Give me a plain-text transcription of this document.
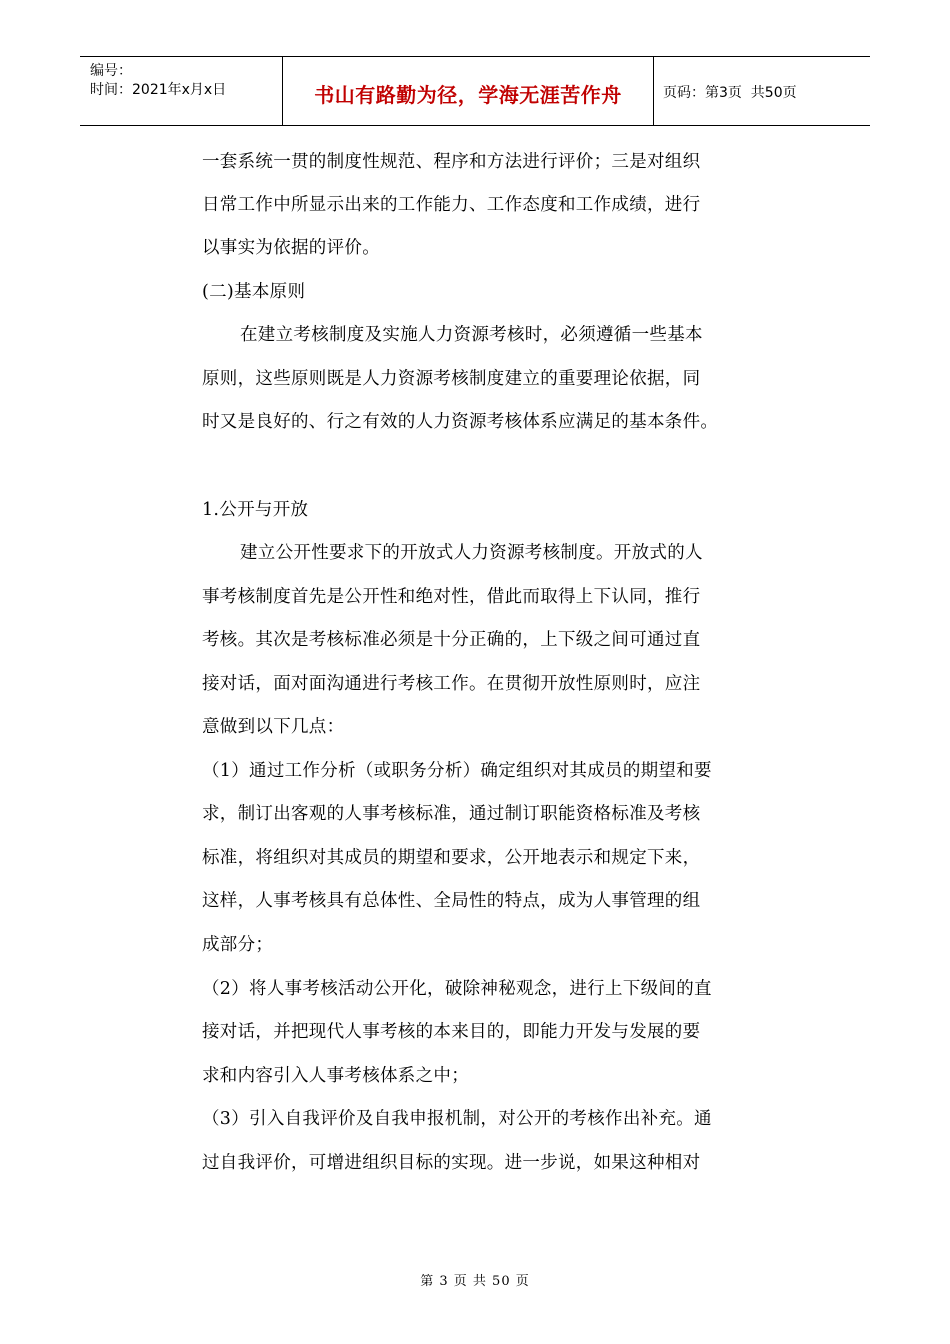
编号：
时间：2021年x月x日	书山有路勤为径，学海无涯苦作舟	页码：第3页  共50页
一套系统一贯的制度性规范、程序和方法进行评价；三是对组织
日常工作中所显示出来的工作能力、工作态度和工作成绩，进行
以事实为依据的评价。
(二)基本原则
在建立考核制度及实施人力资源考核时，必须遵循一些基本
原则，这些原则既是人力资源考核制度建立的重要理论依据，同
时又是良好的、行之有效的人力资源考核体系应满足的基本条件。
1.公开与开放
建立公开性要求下的开放式人力资源考核制度。开放式的人
事考核制度首先是公开性和绝对性，借此而取得上下认同，推行
考核。其次是考核标准必须是十分正确的，上下级之间可通过直
接对话，面对面沟通进行考核工作。在贯彻开放性原则时，应注
意做到以下几点：
（1）通过工作分析（或职务分析）确定组织对其成员的期望和要
求，制订出客观的人事考核标准，通过制订职能资格标准及考核
标准，将组织对其成员的期望和要求，公开地表示和规定下来，
这样，人事考核具有总体性、全局性的特点，成为人事管理的组
成部分；
（2）将人事考核活动公开化，破除神秘观念，进行上下级间的直
接对话，并把现代人事考核的本来目的，即能力开发与发展的要
求和内容引入人事考核体系之中；
（3）引入自我评价及自我申报机制，对公开的考核作出补充。通
过自我评价，可增进组织目标的实现。进一步说，如果这种相对
第 3 页 共 50 页
